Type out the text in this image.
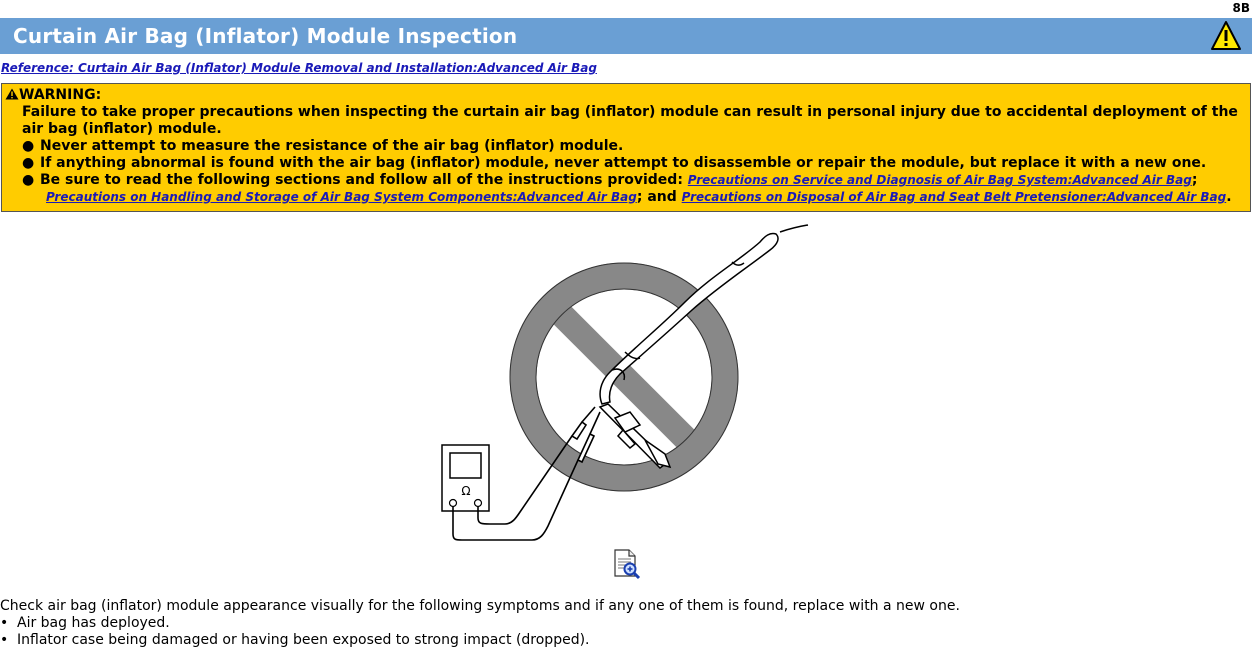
8B
Curtain Air Bag (Inflator) Module Inspection
Reference: Curtain Air Bag (Inflator) Module Removal and Installation:Advanced Air Bag
WARNING:
Failure to take proper precautions when inspecting the curtain air bag (inflator) module can result in personal injury due to accidental deployment of the air bag (inflator) module.
● Never attempt to measure the resistance of the air bag (inflator) module.
● If anything abnormal is found with the air bag (inflator) module, never attempt to disassemble or repair the module, but replace it with a new one.
● Be sure to read the following sections and follow all of the instructions provided: Precautions on Service and Diagnosis of Air Bag System:Advanced Air Bag;
Precautions on Handling and Storage of Air Bag System Components:Advanced Air Bag; and Precautions on Disposal of Air Bag and Seat Belt Pretensioner:Advanced Air Bag.
Ω
Check air bag (inflator) module appearance visually for the following symptoms and if any one of them is found, replace with a new one.
• Air bag has deployed.
• Inflator case being damaged or having been exposed to strong impact (dropped).
